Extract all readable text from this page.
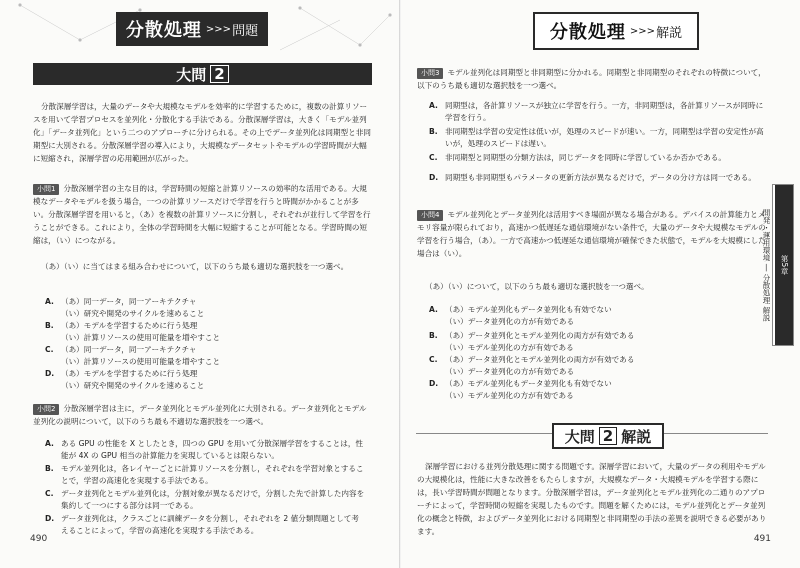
分散処理 >>> 問題
大問 2
分散深層学習は，大量のデータや大規模なモデルを効率的に学習するために，複数の計算リソースを用いて学習プロセスを並列化・分散化する手法である。分散深層学習は，大きく「モデル並列化」「データ並列化」という二つのアプローチに分けられる。その上でデータ並列化は同期型と非同期型に大別される。分散深層学習の導入により，大規模なデータセットやモデルの学習時間が大幅に短縮され，深層学習の応用範囲が広がった。
小問1 分散深層学習の主な目的は，学習時間の短縮と計算リソースの効率的な活用である。大規模なデータやモデルを扱う場合，一つの計算リソースだけで学習を行うと時間がかかることが多い。分散深層学習を用いると，（あ）を複数の計算リソースに分割し，それぞれが並行して学習を行うことができる。これにより，全体の学習時間を大幅に短縮することが可能となる。学習時間の短縮は，（い）につながる。
（あ）（い）に当てはまる組み合わせについて，以下のうち最も適切な選択肢を一つ選べ。
A. （あ）同一データ，同一アーキテクチャ
（い）研究や開発のサイクルを速めること
B. （あ）モデルを学習するために行う処理
（い）計算リソースの使用可能量を増やすこと
C. （あ）同一データ，同一アーキテクチャ
（い）計算リソースの使用可能量を増やすこと
D. （あ）モデルを学習するために行う処理
（い）研究や開発のサイクルを速めること
小問2 分散深層学習は主に，データ並列化とモデル並列化に大別される。データ並列化とモデル並列化の説明について，以下のうち最も不適切な選択肢を一つ選べ。
A. ある GPU の性能を X としたとき，四つの GPU を用いて分散深層学習をすることは，性能が 4X の GPU 相当の計算能力を実現しているとは限らない。
B. モデル並列化は，各レイヤーごとに計算リソースを分割し，それぞれを学習対象とすることで，学習の高速化を実現する手法である。
C. データ並列化とモデル並列化は，分割対象が異なるだけで，分割した先で計算した内容を集約して一つにする部分は同一である。
D. データ並列化は，クラスごとに訓練データを分割し，それぞれを 2 値分類問題として考えることによって，学習の高速化を実現する手法である。
490
分散処理 >>> 解説
小問3 モデル並列化は同期型と非同期型に分かれる。同期型と非同期型のそれぞれの特徴について，以下のうち最も適切な選択肢を一つ選べ。
A. 同期型は，各計算リソースが独立に学習を行う。一方，非同期型は，各計算リソースが同時に学習を行う。
B. 非同期型は学習の安定性は低いが，処理のスピードが速い。一方，同期型は学習の安定性が高いが，処理のスピードは遅い。
C. 非同期型と同期型の分類方法は，同じデータを同時に学習しているか否かである。
D. 同期型も非同期型もパラメータの更新方法が異なるだけで，データの分け方は同一である。
小問4 モデル並列化とデータ並列化は活用すべき場面が異なる場合がある。デバイスの計算能力とメモリ容量が限られており，高速かつ低遅延な通信環境がない条件で，大量のデータや大規模なモデルの学習を行う場合，（あ）。一方で高速かつ低遅延な通信環境が確保できた状態で，モデルを大規模にした場合は（い）。
（あ）（い）について，以下のうち最も適切な選択肢を一つ選べ。
A. （あ）モデル並列化もデータ並列化も有効でない
（い）データ並列化の方が有効である
B. （あ）データ並列化とモデル並列化の両方が有効である
（い）モデル並列化の方が有効である
C. （あ）データ並列化とモデル並列化の両方が有効である
（い）データ並列化の方が有効である
D. （あ）モデル並列化もデータ並列化も有効でない
（い）モデル並列化の方が有効である
深層学習における並列分散処理に関する問題です。深層学習において，大量のデータの利用やモデルの大規模化は，性能に大きな改善をもたらしますが，大規模なデータ・大規模モデルを学習する際には，長い学習時間が問題となります。分散深層学習は，データ並列化とモデル並列化の二通りのアプローチによって，学習時間の短縮を実現したものです。問題を解くためには，モデル並列化とデータ並列化の概念と特徴，およびデータ並列化における同期型と非同期型の手法の差異を説明できる必要があります。
491
大問 2 解説
第5章
開発・運用環境 ― 分散処理 解説
